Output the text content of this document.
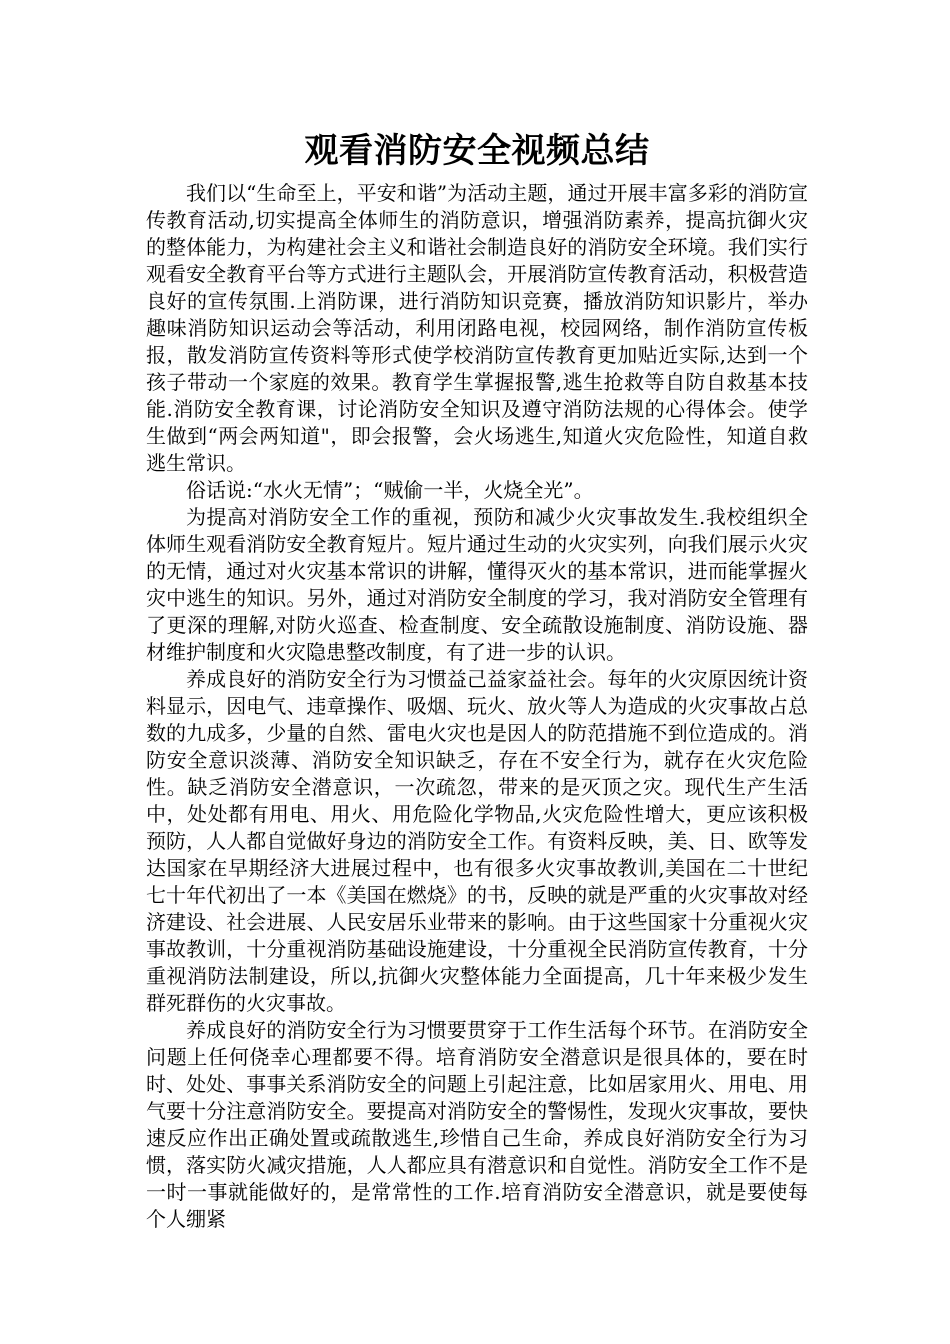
观看消防安全视频总结

我们以“生命至上，平安和谐”为活动主题，通过开展丰富多彩的消防宣传教育活动,切实提高全体师生的消防意识，增强消防素养，提高抗御火灾的整体能力，为构建社会主义和谐社会制造良好的消防安全环境。我们实行观看安全教育平台等方式进行主题队会，开展消防宣传教育活动，积极营造良好的宣传氛围.上消防课，进行消防知识竞赛，播放消防知识影片，举办趣味消防知识运动会等活动，利用闭路电视，校园网络，制作消防宣传板报，散发消防宣传资料等形式使学校消防宣传教育更加贴近实际,达到一个孩子带动一个家庭的效果。教育学生掌握报警,逃生抢救等自防自救基本技能.消防安全教育课，讨论消防安全知识及遵守消防法规的心得体会。使学生做到“两会两知道"，即会报警，会火场逃生,知道火灾危险性，知道自救逃生常识。

俗话说:“水火无情”；“贼偷一半，火烧全光”。

为提高对消防安全工作的重视，预防和减少火灾事故发生.我校组织全体师生观看消防安全教育短片。短片通过生动的火灾实列，向我们展示火灾的无情，通过对火灾基本常识的讲解，懂得灭火的基本常识，进而能掌握火灾中逃生的知识。另外，通过对消防安全制度的学习，我对消防安全管理有了更深的理解,对防火巡查、检查制度、安全疏散设施制度、消防设施、器材维护制度和火灾隐患整改制度，有了进一步的认识。

养成良好的消防安全行为习惯益己益家益社会。每年的火灾原因统计资料显示，因电气、违章操作、吸烟、玩火、放火等人为造成的火灾事故占总数的九成多，少量的自然、雷电火灾也是因人的防范措施不到位造成的。消防安全意识淡薄、消防安全知识缺乏，存在不安全行为，就存在火灾危险性。缺乏消防安全潜意识，一次疏忽，带来的是灭顶之灾。现代生产生活中，处处都有用电、用火、用危险化学物品,火灾危险性增大，更应该积极预防，人人都自觉做好身边的消防安全工作。有资料反映，美、日、欧等发达国家在早期经济大进展过程中，也有很多火灾事故教训,美国在二十世纪七十年代初出了一本《美国在燃烧》的书，反映的就是严重的火灾事故对经济建设、社会进展、人民安居乐业带来的影响。由于这些国家十分重视火灾事故教训，十分重视消防基础设施建设，十分重视全民消防宣传教育，十分重视消防法制建设，所以,抗御火灾整体能力全面提高，几十年来极少发生群死群伤的火灾事故。

养成良好的消防安全行为习惯要贯穿于工作生活每个环节。在消防安全问题上任何侥幸心理都要不得。培育消防安全潜意识是很具体的，要在时时、处处、事事关系消防安全的问题上引起注意，比如居家用火、用电、用气要十分注意消防安全。要提高对消防安全的警惕性，发现火灾事故，要快速反应作出正确处置或疏散逃生,珍惜自己生命，养成良好消防安全行为习惯，落实防火减灾措施，人人都应具有潜意识和自觉性。消防安全工作不是一时一事就能做好的，是常常性的工作.培育消防安全潜意识，就是要使每个人绷紧
